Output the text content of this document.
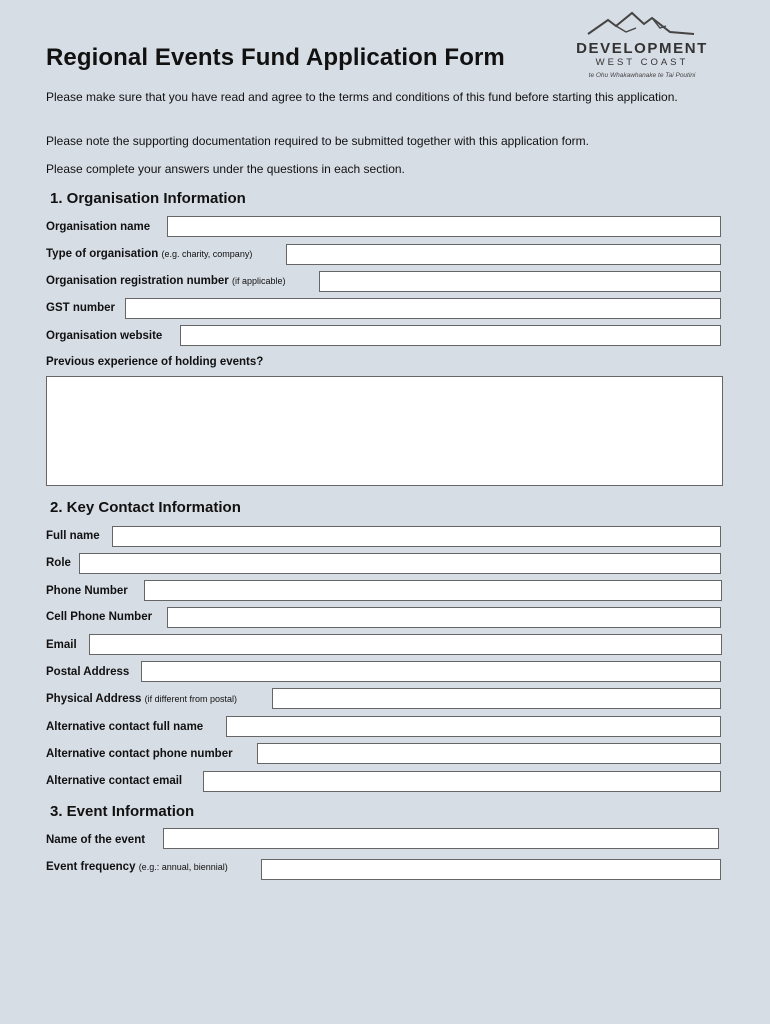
Regional Events Fund Application Form	DEVELOPMENT
WEST COAST
te Ohu Whakawhanake te Tai Poutini
Please make sure that you have read and agree to the terms and conditions of this fund before starting this application.
Please note the supporting documentation required to be submitted together with this application form.
Please complete your answers under the questions in each section.
1. Organisation Information
Organisation name
Type of organisation (e.g. charity, company)
Organisation registration number (if applicable)
GST number
Organisation website
Previous experience of holding events?
2. Key Contact Information
Full name
Role
Phone Number
Cell Phone Number
Email
Postal Address
Physical Address (if different from postal)
Alternative contact full name
Alternative contact phone number
Alternative contact email
3. Event Information
Name of the event
Event frequency (e.g.: annual, biennial)
